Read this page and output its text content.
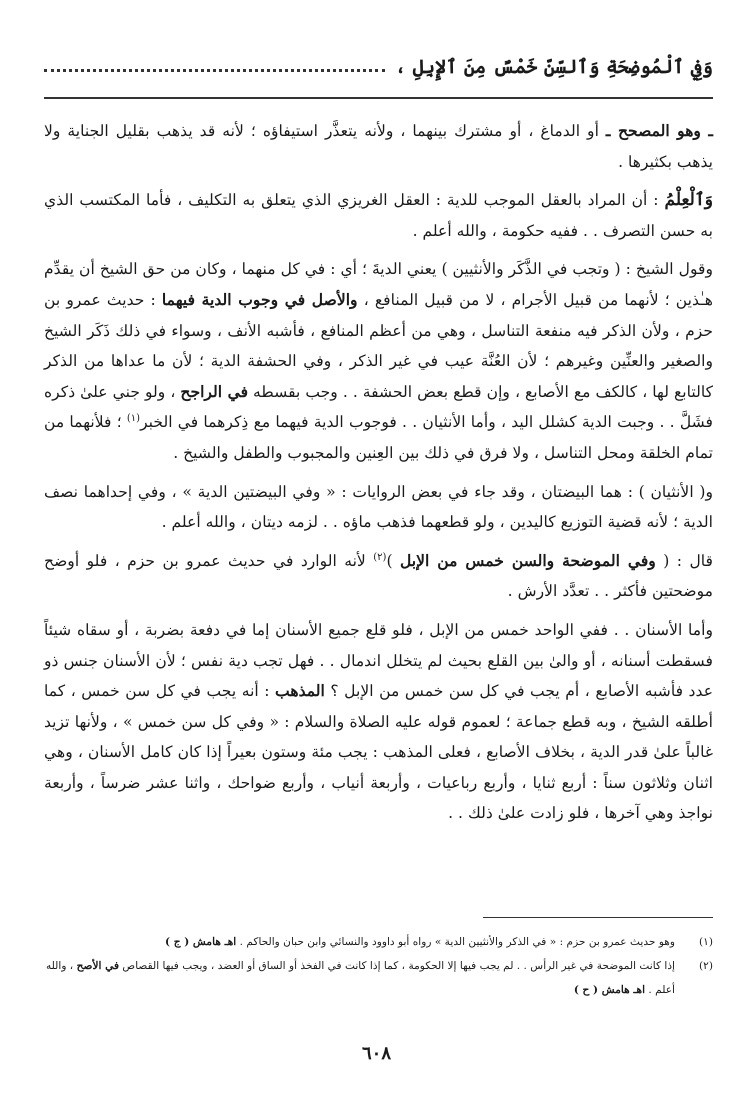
وَفِي ٱلْمُوضِحَةِ وَٱلسِّنِّ خَمْسٌ مِنَ ٱلإِبِلِ ،

ـ وهو المصحح ـ أو الدماغ ، أو مشترك بينهما ، ولأنه يتعذَّر استيفاؤه ؛ لأنه قد يذهب بقليل الجناية ولا يذهب بكثيرها .

وَٱلْعِلْمُ : أن المراد بالعقل الموجب للدية : العقل الغريزي الذي يتعلق به التكليف ، فأما المكتسب الذي به حسن التصرف . . ففيه حكومة ، والله أعلم .

وقول الشيخ : ( وتجب في الذَّكَر والأنثيين ) يعني الديةَ ؛ أي : في كل منهما ، وكان من حق الشيخ أن يقدِّم هـٰذين ؛ لأنهما من قبيل الأجرام ، لا من قبيل المنافع ، والأصل في وجوب الدية فيهما : حديث عمرو بن حزم ، ولأن الذكر فيه منفعة التناسل ، وهي من أعظم المنافع ، فأشبه الأنف ، وسواء في ذلك ذَكَر الشيخ والصغير والعنِّين وغيرهم ؛ لأن العُنَّة عيب في غير الذكر ، وفي الحشفة الدية ؛ لأن ما عداها من الذكر كالتابع لها ، كالكف مع الأصابع ، وإن قطع بعض الحشفة . . وجب بقسطه في الراجح ، ولو جني علىٰ ذكره فشَلَّ . . وجبت الدية كشلل اليد ، وأما الأنثيان . . فوجوب الدية فيهما مع ذِكرهما في الخبر$^{(١)}$ ؛ فلأنهما من تمام الخلقة ومحل التناسل ، ولا فرق في ذلك بين العِنين والمجبوب والطفل والشيخ .

و( الأنثيان ) : هما البيضتان ، وقد جاء في بعض الروايات : « وفي البيضتين الدية » ، وفي إحداهما نصف الدية ؛ لأنه قضية التوزيع كاليدين ، ولو قطعهما فذهب ماؤه . . لزمه ديتان ، والله أعلم .

قال : ( وفي الموضحة والسن خمس من الإبل )$^{(٢)}$ لأنه الوارد في حديث عمرو بن حزم ، فلو أوضح موضحتين فأكثر . . تعدَّد الأرش .

وأما الأسنان . . ففي الواحد خمس من الإبل ، فلو قلع جميع الأسنان إما في دفعة بضربة ، أو سقاه شيئاً فسقطت أسنانه ، أو والىٰ بين القلع بحيث لم يتخلل اندمال . . فهل تجب دية نفس ؛ لأن الأسنان جنس ذو عدد فأشبه الأصابع ، أم يجب في كل سن خمس من الإبل ؟ المذهب : أنه يجب في كل سن خمس ، كما أطلقه الشيخ ، وبه قطع جماعة ؛ لعموم قوله عليه الصلاة والسلام : « وفي كل سن خمس » ، ولأنها تزيد غالباً علىٰ قدر الدية ، بخلاف الأصابع ، فعلى المذهب : يجب مئة وستون بعيراً إذا كان كامل الأسنان ، وهي اثنان وثلاثون سناً : أربع ثنايا ، وأربع رباعيات ، وأربعة أنياب ، وأربع ضواحك ، واثنا عشر ضرساً ، وأربعة نواجذ وهي آخرها ، فلو زادت علىٰ ذلك . .

(١)
وهو حديث عمرو بن حزم : « في الذكر والأنثيين الدية » رواه أبو داوود والنسائي وابن حبان والحاكم . اهـ هامش ( ج )
(٢)
إذا كانت الموضحة في غير الرأس . . لم يجب فيها إلا الحكومة ، كما إذا كانت في الفخذ أو الساق أو العضد ، ويجب فيها القصاص في الأصح ، والله أعلم . اهـ هامش ( ح )
٦٠٨
